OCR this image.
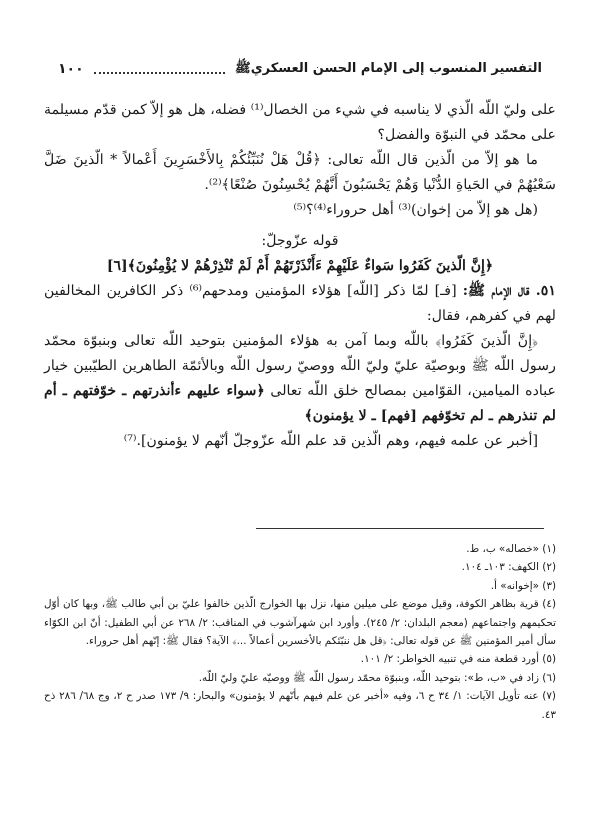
التفسير المنسوب إلى الإمام الحسن العسكريﷺ
١٠٠

على وليّ اللّه الّذي لا يناسبه في شيء من الخصال⁽¹⁾ فضله، هل هو إلاّ كمن قدّم مسيلمة على محمّد في النبوّة والفضل؟

ما هو إلاّ من الّذين قال اللّه تعالى: ﴿قُلْ هَلْ نُنَبِّئُكُمْ بِالأَخْسَرِينَ أَعْمالاً * الّذينَ ضَلَّ سَعْيُهُمْ في الحَياةِ الدُّنْيا وَهُمْ يَحْسَبُونَ أَنَّهُمْ يُحْسِنُونَ صُنْعًا﴾⁽²⁾.

(هل هو إلاّ من إخوان)⁽³⁾ أهل حروراء⁽⁴⁾؟⁽⁵⁾

قوله عزّوجلّ:

﴿إِنَّ الّذينَ كَفَرُوا سَواءٌ عَلَيْهِمْ ءَأَنْذَرْتَهُمْ أَمْ لَمْ تُنْذِرْهُمْ لا يُؤْمِنُونَ﴾[٦]

٥١. قال الإمام ﷺ: [فـ] لمّا ذكر [اللّه] هؤلاء المؤمنين ومدحهم⁽⁶⁾ ذكر الكافرين المخالفين لهم في كفرهم، فقال:

﴿إِنَّ الّذينَ كَفَرُوا﴾ باللّه وبما آمن به هؤلاء المؤمنين بتوحيد اللّه تعالى وبنبوّة محمّد رسول اللّه ﷺ وبوصيّة عليّ وليّ اللّه ووصيّ رسول اللّه وبالأئمّة الطاهرين الطيّبين خيار عباده الميامين، القوّامين بمصالح خلق اللّه تعالى ﴿سواء عليهم ءأنذرتهم ـ خوّفتهم ـ أم لم تنذرهم ـ لم تخوّفهم [فهم] ـ لا يؤمنون﴾

[أخبر عن علمه فيهم، وهم الّذين قد علم اللّه عزّوجلّ أنّهم لا يؤمنون].⁽⁷⁾

(١) «خصاله» ب، ط.

(٢) الكهف: ١٠٣ـ ١٠٤.

(٣) «إخوانه» أ.

(٤) قرية بظاهر الكوفة، وقيل موضع على ميلين منها، نزل بها الخوارج الّذين خالفوا عليّ بن أبي طالب ﷺ، وبها كان أوّل تحكيمهم واجتماعهم (معجم البلدان: ٢/ ٢٤٥). وأورد ابن شهرآشوب في المناقب: ٢/ ٢٦٨ عن أبي الطفيل: أنّ ابن الكوّاء سأل أمير المؤمنين ﷺ عن قوله تعالى: ﴿قل هل ننبّئكم بالأخسرين أعمالاً ...﴾ الآية؟ فقال ﷺ: إنّهم أهل حروراء.

(٥) أورد قطعة منه في تنبيه الخواطر: ٢/ ١٠١.

(٦) زاد في «ب، ط»: بتوحيد اللّه، وبنبوّة محمّد رسول اللّه ﷺ ووصيّه عليّ وليّ اللّه.

(٧) عنه تأويل الآيات: ١/ ٣٤ ح ٦، وفيه «أخبر عن علم فيهم بأنّهم لا يؤمنون» والبحار: ٩/ ١٧٣ صدر ح ٢، وج ٦٨/ ٢٨٦ ذح ٤٣.
